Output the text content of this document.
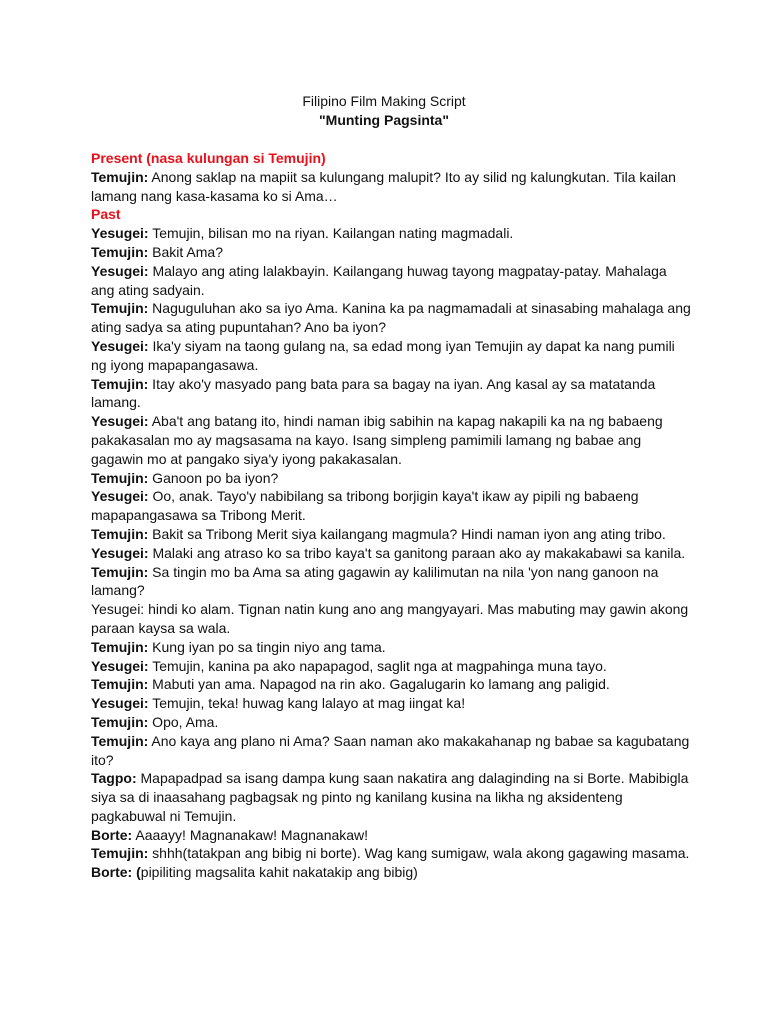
Filipino Film Making Script
"Munting Pagsinta"
Present (nasa kulungan si Temujin)
Temujin: Anong saklap na mapiit sa kulungang malupit? Ito ay silid ng kalungkutan. Tila kailan lamang nang kasa-kasama ko si Ama…
Past
Yesugei: Temujin, bilisan mo na riyan. Kailangan nating magmadali.
Temujin: Bakit Ama?
Yesugei: Malayo ang ating lalakbayin. Kailangang huwag tayong magpatay-patay. Mahalaga ang ating sadyain.
Temujin: Naguguluhan ako sa iyo Ama. Kanina ka pa nagmamadali at sinasabing mahalaga ang ating sadya sa ating pupuntahan? Ano ba iyon?
Yesugei: Ika'y siyam na taong gulang na, sa edad mong iyan Temujin ay dapat ka nang pumili ng iyong mapapangasawa.
Temujin: Itay ako'y masyado pang bata para sa bagay na iyan. Ang kasal ay sa matatanda lamang.
Yesugei: Aba't ang batang ito, hindi naman ibig sabihin na kapag nakapili ka na ng babaeng pakakasalan mo ay magsasama na kayo. Isang simpleng pamimili lamang ng babae ang gagawin mo at pangako siya'y iyong pakakasalan.
Temujin: Ganoon po ba iyon?
Yesugei: Oo, anak. Tayo'y nabibilang sa tribong borjigin kaya't ikaw ay pipili ng babaeng mapapangasawa sa Tribong Merit.
Temujin: Bakit sa Tribong Merit siya kailangang magmula? Hindi naman iyon ang ating tribo.
Yesugei: Malaki ang atraso ko sa tribo kaya't sa ganitong paraan ako ay makakabawi sa kanila.
Temujin: Sa tingin mo ba Ama sa ating gagawin ay kalilimutan na nila 'yon nang ganoon na lamang?
Yesugei: hindi ko alam. Tignan natin kung ano ang mangyayari. Mas mabuting may gawin akong paraan kaysa sa wala.
Temujin: Kung iyan po sa tingin niyo ang tama.
Yesugei: Temujin, kanina pa ako napapagod, saglit nga at magpahinga muna tayo.
Temujin: Mabuti yan ama. Napagod na rin ako. Gagalugarin ko lamang ang paligid.
Yesugei: Temujin, teka! huwag kang lalayo at mag iingat ka!
Temujin: Opo, Ama.
Temujin: Ano kaya ang plano ni Ama? Saan naman ako makakahanap ng babae sa kagubatang ito?
Tagpo: Mapapadpad sa isang dampa kung saan nakatira ang dalaginding na si Borte. Mabibigla siya sa di inaasahang pagbagsak ng pinto ng kanilang kusina na likha ng aksidenteng pagkabuwal ni Temujin.
Borte: Aaaayy! Magnanakaw! Magnanakaw!
Temujin: shhh(tatakpan ang bibig ni borte). Wag kang sumigaw, wala akong gagawing masama.
Borte: (pipiliting magsalita kahit nakatakip ang bibig)
